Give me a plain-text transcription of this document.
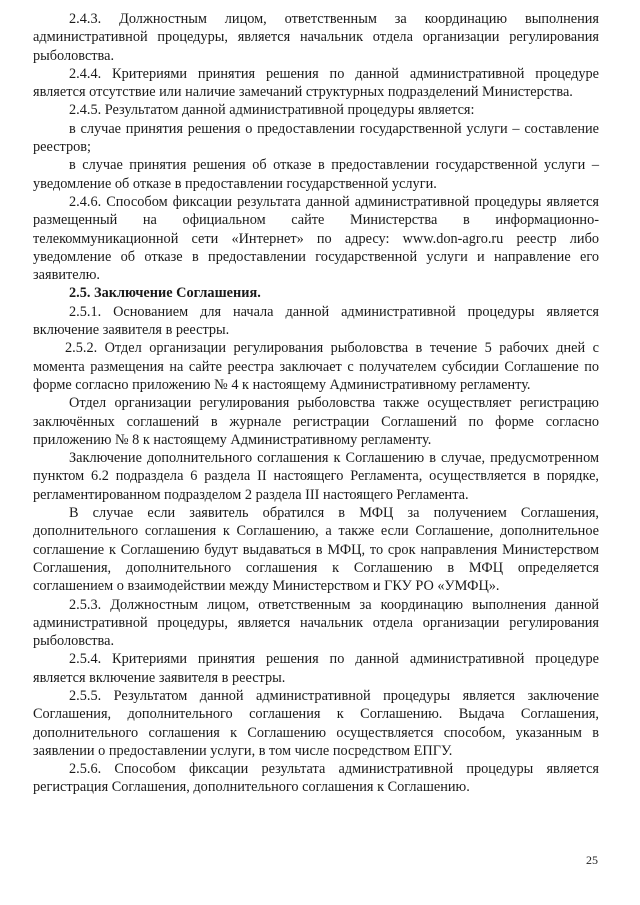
2.4.3. Должностным лицом, ответственным за координацию выполнения административной процедуры, является начальник отдела организации регулирования рыболовства.

2.4.4. Критериями принятия решения по данной административной процедуре является отсутствие или наличие замечаний структурных подразделений Министерства.

2.4.5. Результатом данной административной процедуры является:

в случае принятия решения о предоставлении государственной услуги – составление реестров;

в случае принятия решения об отказе в предоставлении государственной услуги – уведомление об отказе в предоставлении государственной услуги.

2.4.6. Способом фиксации результата данной административной процедуры является размещенный на официальном сайте Министерства в информационно-телекоммуникационной сети «Интернет» по адресу: www.don-agro.ru реестр либо уведомление об отказе в предоставлении государственной услуги и направление его заявителю.

2.5. Заключение Соглашения.

2.5.1. Основанием для начала данной административной процедуры является включение заявителя в реестры.

2.5.2. Отдел организации регулирования рыболовства в течение 5 рабочих дней с момента размещения на сайте реестра заключает с получателем субсидии Соглашение по форме согласно приложению № 4 к настоящему Административному регламенту.

Отдел организации регулирования рыболовства также осуществляет регистрацию заключённых соглашений в журнале регистрации Соглашений по форме согласно приложению № 8 к настоящему Административному регламенту.

Заключение дополнительного соглашения к Соглашению в случае, предусмотренном пунктом 6.2 подраздела 6 раздела II настоящего Регламента, осуществляется в порядке, регламентированном подразделом 2 раздела III настоящего Регламента.

В случае если заявитель обратился в МФЦ за получением Соглашения, дополнительного соглашения к Соглашению, а также если Соглашение, дополнительное соглашение к Соглашению будут выдаваться в МФЦ, то срок направления Министерством Соглашения, дополнительного соглашения к Соглашению в МФЦ определяется соглашением о взаимодействии между Министерством и ГКУ РО «УМФЦ».

2.5.3. Должностным лицом, ответственным за координацию выполнения данной административной процедуры, является начальник отдела организации регулирования рыболовства.

2.5.4. Критериями принятия решения по данной административной процедуре является включение заявителя в реестры.

2.5.5. Результатом данной административной процедуры является заключение Соглашения, дополнительного соглашения к Соглашению. Выдача Соглашения, дополнительного соглашения к Соглашению осуществляется способом, указанным в заявлении о предоставлении услуги, в том числе посредством ЕПГУ.

2.5.6. Способом фиксации результата административной процедуры является регистрация Соглашения, дополнительного соглашения к Соглашению.

25
